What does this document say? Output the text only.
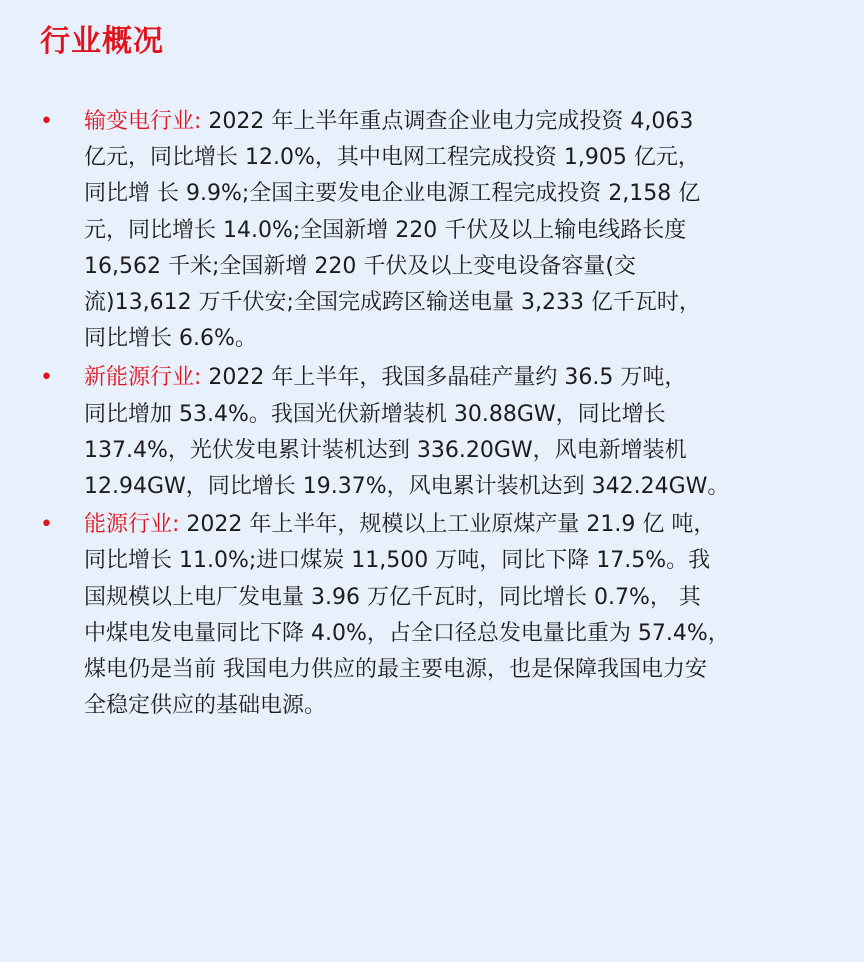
行业概况
• 输变电行业: 2022 年上半年重点调查企业电力完成投资 4,063
亿元，同比增长 12.0%，其中电网工程完成投资 1,905 亿元，
同比增 长 9.9%;全国主要发电企业电源工程完成投资 2,158 亿
元，同比增长 14.0%;全国新增 220 千伏及以上输电线路长度
16,562 千米;全国新增 220 千伏及以上变电设备容量(交
流)13,612 万千伏安;全国完成跨区输送电量 3,233 亿千瓦时，
同比增长 6.6%。
• 新能源行业: 2022 年上半年，我国多晶硅产量约 36.5 万吨，
同比增加 53.4%。我国光伏新增装机 30.88GW，同比增长
137.4%，光伏发电累计装机达到 336.20GW，风电新增装机
12.94GW，同比增长 19.37%，风电累计装机达到 342.24GW。
• 能源行业: 2022 年上半年，规模以上工业原煤产量 21.9 亿 吨，
同比增长 11.0%;进口煤炭 11,500 万吨，同比下降 17.5%。我
国规模以上电厂发电量 3.96 万亿千瓦时，同比增长 0.7%， 其
中煤电发电量同比下降 4.0%，占全口径总发电量比重为 57.4%，
煤电仍是当前 我国电力供应的最主要电源，也是保障我国电力安
全稳定供应的基础电源。
